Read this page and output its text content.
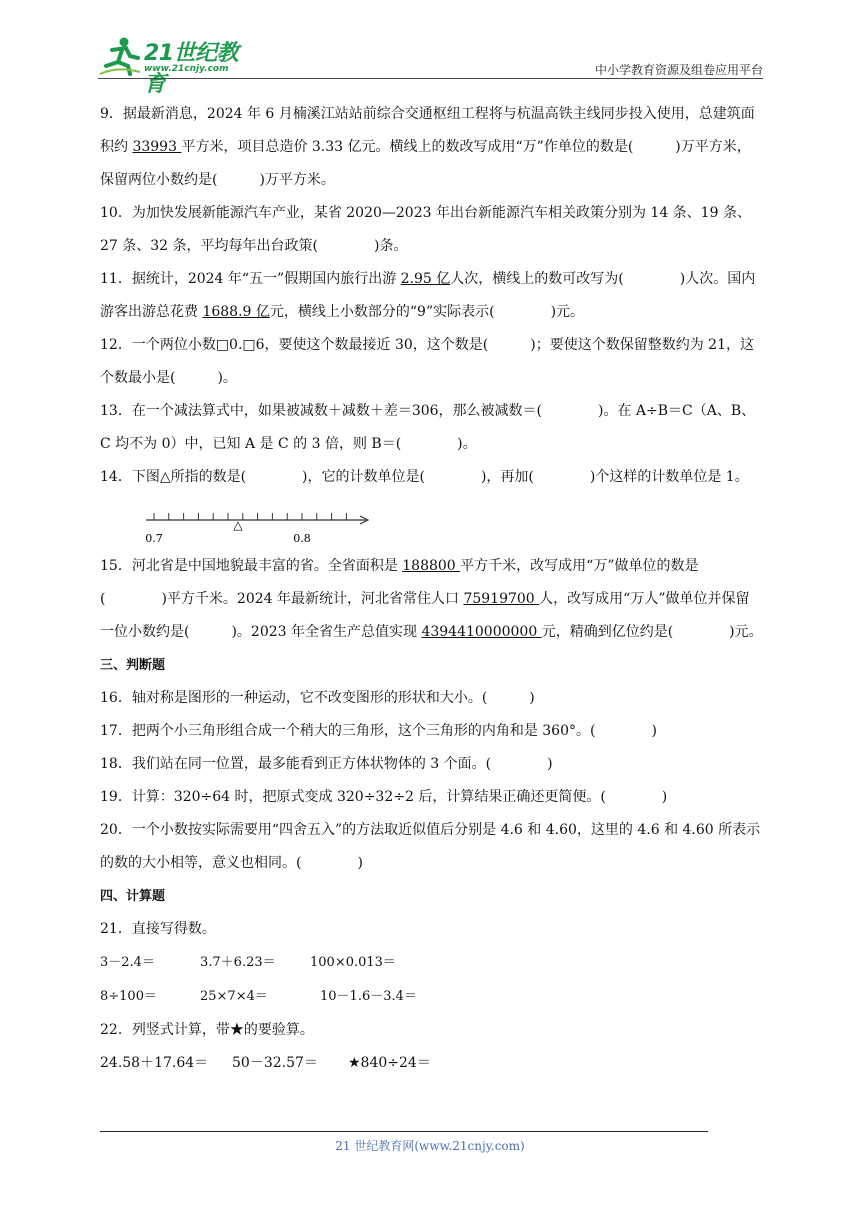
21世纪教育
www.21cnjy.com	中小学教育资源及组卷应用平台

9．据最新消息，2024 年 6 月楠溪江站站前综合交通枢纽工程将与杭温高铁主线同步投入使用，总建筑面积约 33993 平方米，项目总造价 3.33 亿元。横线上的数改写成用“万”作单位的数是(　　　)万平方米，保留两位小数约是(　　　)万平方米。

10．为加快发展新能源汽车产业，某省 2020—2023 年出台新能源汽车相关政策分别为 14 条、19 条、27 条、32 条，平均每年出台政策(　　　　)条。

11．据统计，2024 年“五一”假期国内旅行出游 2.95 亿人次，横线上的数可改写为(　　　　)人次。国内游客出游总花费 1688.9 亿元，横线上小数部分的“9”实际表示(　　　　)元。

12．一个两位小数□0.□6，要使这个数最接近 30，这个数是(　　　)；要使这个数保留整数约为 21，这个数最小是(　　　)。

13．在一个减法算式中，如果被减数＋减数＋差＝306，那么被减数＝(　　　　)。在 A÷B＝C（A、B、C 均不为 0）中，已知 A 是 C 的 3 倍，则 B＝(　　　　)。

14．下图△所指的数是(　　　　)，它的计数单位是(　　　　)，再加(　　　　)个这样的计数单位是 1。

△
0.7	0.8

15．河北省是中国地貌最丰富的省。全省面积是 188800 平方千米，改写成用“万”做单位的数是(　　　　)平方千米。2024 年最新统计，河北省常住人口 75919700 人，改写成用“万人”做单位并保留一位小数约是(　　　)。2023 年全省生产总值实现 4394410000000 元，精确到亿位约是(　　　　)元。

三、判断题

16．轴对称是图形的一种运动，它不改变图形的形状和大小。(　　　)

17．把两个小三角形组合成一个稍大的三角形，这个三角形的内角和是 360°。(　　　　)

18．我们站在同一位置，最多能看到正方体状物体的 3 个面。(　　　　)

19．计算：320÷64 时，把原式变成 320÷32÷2 后，计算结果正确还更简便。(　　　　)

20．一个小数按实际需要用“四舍五入”的方法取近似值后分别是 4.6 和 4.60，这里的 4.6 和 4.60 所表示的数的大小相等，意义也相同。(　　　　)

四、计算题

21．直接写得数。

3－2.4＝	3.7＋6.23＝	100×0.013＝
8÷100＝	25×7×4＝	10－1.6－3.4＝

22．列竖式计算，带★的要验算。

24.58＋17.64＝ 50－32.57＝ ★840÷24＝
21 世纪教育网(www.21cnjy.com)
